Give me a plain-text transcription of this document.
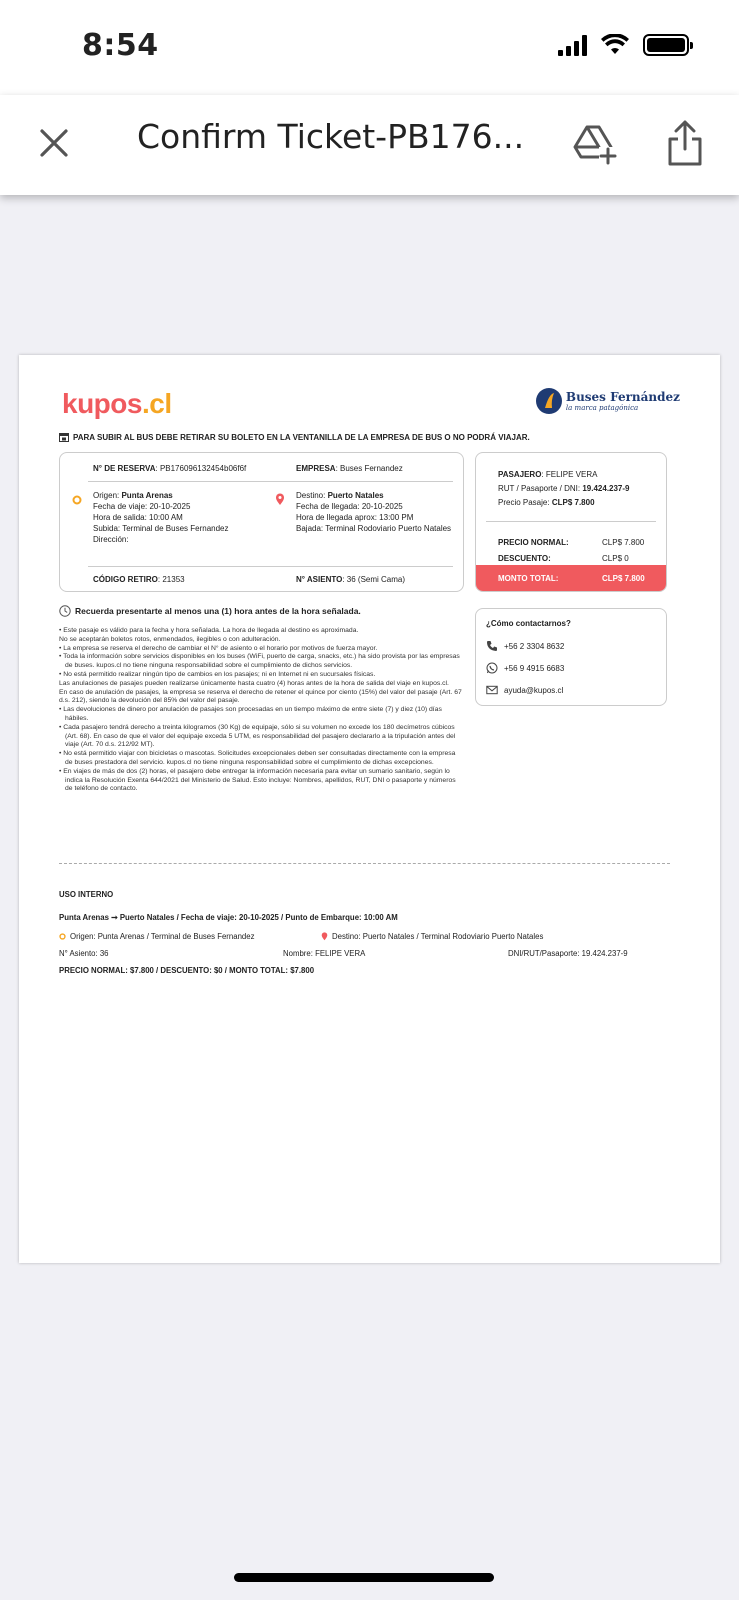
8:54
Confirm Ticket-PB176...
kupos.cl	Buses Fernández
la marca patagónica
PARA SUBIR AL BUS DEBE RETIRAR SU BOLETO EN LA VENTANILLA DE LA EMPRESA DE BUS O NO PODRÁ VIAJAR.
N° DE RESERVA: PB176096132454b06f6f	EMPRESA: Buses Fernandez
Origen: Punta Arenas
Fecha de viaje: 20-10-2025
Hora de salida: 10:00 AM
Subida: Terminal de Buses Fernandez
Dirección:
Destino: Puerto Natales
Fecha de llegada: 20-10-2025
Hora de llegada aprox: 13:00 PM
Bajada: Terminal Rodoviario Puerto Natales
CÓDIGO RETIRO: 21353	N° ASIENTO: 36 (Semi Cama)
PASAJERO: FELIPE VERA
RUT / Pasaporte / DNI: 19.424.237-9
Precio Pasaje: CLP$ 7.800
PRECIO NORMAL:	CLP$ 7.800
DESCUENTO:	CLP$ 0
MONTO TOTAL:	CLP$ 7.800
Recuerda presentarte al menos una (1) hora antes de la hora señalada.

• Este pasaje es válido para la fecha y hora señalada. La hora de llegada al destino es aproximada.

No se aceptarán boletos rotos, enmendados, ilegibles o con adulteración.

• La empresa se reserva el derecho de cambiar el N° de asiento o el horario por motivos de fuerza mayor.

• Toda la información sobre servicios disponibles en los buses (WiFi, puerto de carga, snacks, etc.) ha sido provista por las empresas de buses. kupos.cl no tiene ninguna responsabilidad sobre el cumplimiento de dichos servicios.

• No está permitido realizar ningún tipo de cambios en los pasajes; ni en Internet ni en sucursales físicas.

Las anulaciones de pasajes pueden realizarse únicamente hasta cuatro (4) horas antes de la hora de salida del viaje en kupos.cl.

En caso de anulación de pasajes, la empresa se reserva el derecho de retener el quince por ciento (15%) del valor del pasaje (Art. 67 d.s. 212), siendo la devolución del 85% del valor del pasaje.

• Las devoluciones de dinero por anulación de pasajes son procesadas en un tiempo máximo de entre siete (7) y diez (10) días hábiles.

• Cada pasajero tendrá derecho a treinta kilogramos (30 Kg) de equipaje, sólo si su volumen no excede los 180 decímetros cúbicos (Art. 68). En caso de que el valor del equipaje exceda 5 UTM, es responsabilidad del pasajero declararlo a la tripulación antes del viaje (Art. 70 d.s. 212/92 MT).

• No está permitido viajar con bicicletas o mascotas. Solicitudes excepcionales deben ser consultadas directamente con la empresa de buses prestadora del servicio. kupos.cl no tiene ninguna responsabilidad sobre el cumplimiento de dichas excepciones.

• En viajes de más de dos (2) horas, el pasajero debe entregar la información necesaria para evitar un sumario sanitario, según lo indica la Resolución Exenta 644/2021 del Ministerio de Salud. Esto incluye: Nombres, apellidos, RUT, DNI o pasaporte y números de teléfono de contacto.

¿Cómo contactarnos?
+56 2 3304 8632
+56 9 4915 6683
ayuda@kupos.cl
USO INTERNO
Punta Arenas ➞ Puerto Natales / Fecha de viaje: 20-10-2025 / Punto de Embarque: 10:00 AM
Origen: Punta Arenas / Terminal de Buses Fernandez	Destino: Puerto Natales / Terminal Rodoviario Puerto Natales
N° Asiento: 36	Nombre: FELIPE VERA	DNI/RUT/Pasaporte: 19.424.237-9
PRECIO NORMAL: $7.800 / DESCUENTO: $0 / MONTO TOTAL: $7.800
